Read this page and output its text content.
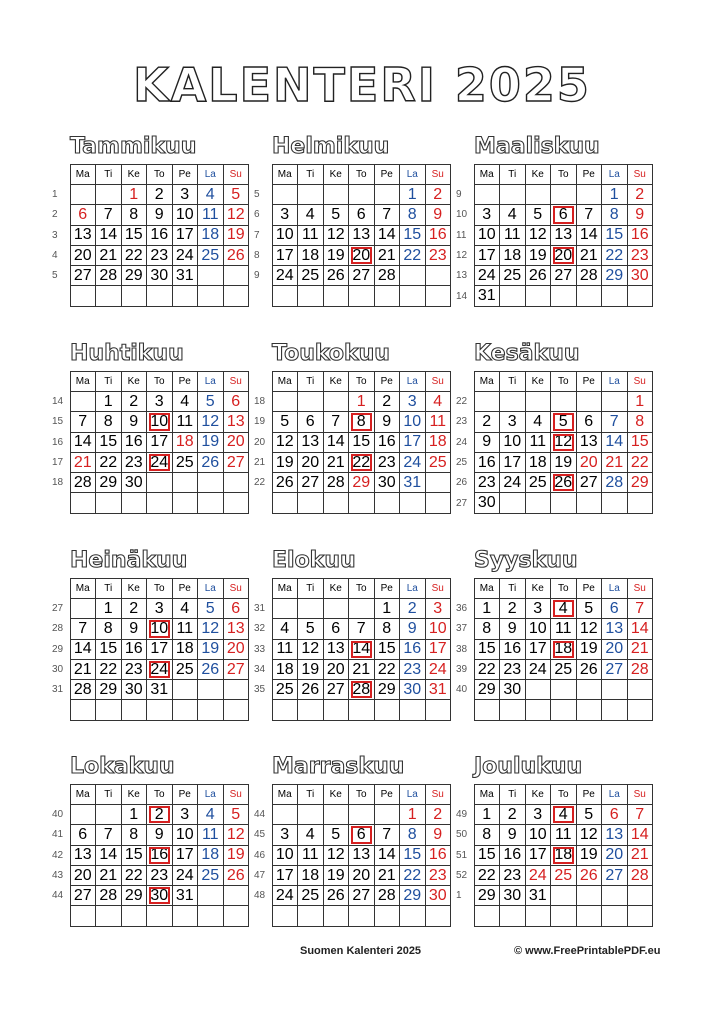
KALENTERI 2025
Tammikuu
	Ma	Ti	Ke	To	Pe	La	Su
1			1	2	3	4	5
2	6	7	8	9	10	11	12
3	13	14	15	16	17	18	19
4	20	21	22	23	24	25	26
5	27	28	29	30	31		

Helmikuu
	Ma	Ti	Ke	To	Pe	La	Su
5						1	2
6	3	4	5	6	7	8	9
7	10	11	12	13	14	15	16
8	17	18	19	20	21	22	23
9	24	25	26	27	28		

Maaliskuu
	Ma	Ti	Ke	To	Pe	La	Su
9						1	2
10	3	4	5	6	7	8	9
11	10	11	12	13	14	15	16
12	17	18	19	20	21	22	23
13	24	25	26	27	28	29	30
14	31						
Huhtikuu
	Ma	Ti	Ke	To	Pe	La	Su
14		1	2	3	4	5	6
15	7	8	9	10	11	12	13
16	14	15	16	17	18	19	20
17	21	22	23	24	25	26	27
18	28	29	30				

Toukokuu
	Ma	Ti	Ke	To	Pe	La	Su
18				1	2	3	4
19	5	6	7	8	9	10	11
20	12	13	14	15	16	17	18
21	19	20	21	22	23	24	25
22	26	27	28	29	30	31	

Kesäkuu
	Ma	Ti	Ke	To	Pe	La	Su
22							1
23	2	3	4	5	6	7	8
24	9	10	11	12	13	14	15
25	16	17	18	19	20	21	22
26	23	24	25	26	27	28	29
27	30						
Heinäkuu
	Ma	Ti	Ke	To	Pe	La	Su
27		1	2	3	4	5	6
28	7	8	9	10	11	12	13
29	14	15	16	17	18	19	20
30	21	22	23	24	25	26	27
31	28	29	30	31			

Elokuu
	Ma	Ti	Ke	To	Pe	La	Su
31					1	2	3
32	4	5	6	7	8	9	10
33	11	12	13	14	15	16	17
34	18	19	20	21	22	23	24
35	25	26	27	28	29	30	31

Syyskuu
	Ma	Ti	Ke	To	Pe	La	Su
36	1	2	3	4	5	6	7
37	8	9	10	11	12	13	14
38	15	16	17	18	19	20	21
39	22	23	24	25	26	27	28
40	29	30					

Lokakuu
	Ma	Ti	Ke	To	Pe	La	Su
40			1	2	3	4	5
41	6	7	8	9	10	11	12
42	13	14	15	16	17	18	19
43	20	21	22	23	24	25	26
44	27	28	29	30	31		

Marraskuu
	Ma	Ti	Ke	To	Pe	La	Su
44						1	2
45	3	4	5	6	7	8	9
46	10	11	12	13	14	15	16
47	17	18	19	20	21	22	23
48	24	25	26	27	28	29	30

Joulukuu
	Ma	Ti	Ke	To	Pe	La	Su
49	1	2	3	4	5	6	7
50	8	9	10	11	12	13	14
51	15	16	17	18	19	20	21
52	22	23	24	25	26	27	28
1	29	30	31				

Suomen Kalenteri 2025	© www.FreePrintablePDF.eu
